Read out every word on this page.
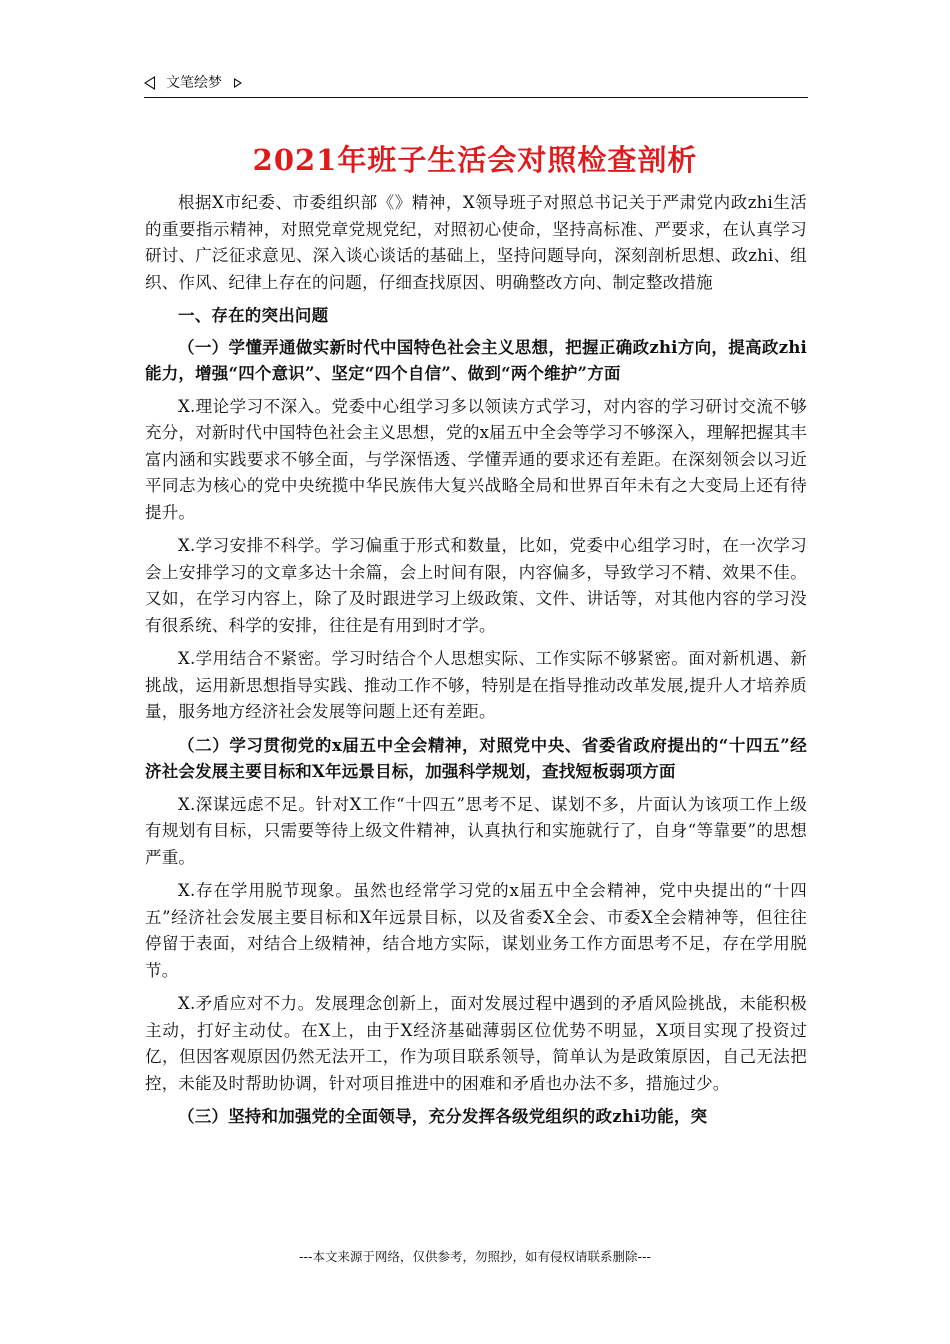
文笔绘梦
2021年班子生活会对照检查剖析

根据X市纪委、市委组织部《》精神，X领导班子对照总书记关于严肃党内政zhi生活的重要指示精神，对照党章党规党纪，对照初心使命，坚持高标准、严要求，在认真学习研讨、广泛征求意见、深入谈心谈话的基础上，坚持问题导向，深刻剖析思想、政zhi、组织、作风、纪律上存在的问题，仔细查找原因、明确整改方向、制定整改措施

一、存在的突出问题

（一）学懂弄通做实新时代中国特色社会主义思想，把握正确政zhi方向，提高政zhi能力，增强“四个意识”、坚定“四个自信”、做到“两个维护”方面

X.理论学习不深入。党委中心组学习多以领读方式学习，对内容的学习研讨交流不够充分，对新时代中国特色社会主义思想，党的x届五中全会等学习不够深入，理解把握其丰富内涵和实践要求不够全面，与学深悟透、学懂弄通的要求还有差距。在深刻领会以习近平同志为核心的党中央统揽中华民族伟大复兴战略全局和世界百年未有之大变局上还有待提升。

X.学习安排不科学。学习偏重于形式和数量，比如，党委中心组学习时，在一次学习会上安排学习的文章多达十余篇，会上时间有限，内容偏多，导致学习不精、效果不佳。又如，在学习内容上，除了及时跟进学习上级政策、文件、讲话等，对其他内容的学习没有很系统、科学的安排，往往是有用到时才学。

X.学用结合不紧密。学习时结合个人思想实际、工作实际不够紧密。面对新机遇、新挑战，运用新思想指导实践、推动工作不够，特别是在指导推动改革发展,提升人才培养质量，服务地方经济社会发展等问题上还有差距。

（二）学习贯彻党的x届五中全会精神，对照党中央、省委省政府提出的“十四五”经济社会发展主要目标和X年远景目标，加强科学规划，查找短板弱项方面

X.深谋远虑不足。针对X工作“十四五”思考不足、谋划不多，片面认为该项工作上级有规划有目标，只需要等待上级文件精神，认真执行和实施就行了，自身“等靠要”的思想严重。

X.存在学用脱节现象。虽然也经常学习党的x届五中全会精神，党中央提出的“十四五”经济社会发展主要目标和X年远景目标，以及省委X全会、市委X全会精神等，但往往停留于表面，对结合上级精神，结合地方实际，谋划业务工作方面思考不足，存在学用脱节。

X.矛盾应对不力。发展理念创新上，面对发展过程中遇到的矛盾风险挑战，未能积极主动，打好主动仗。在X上，由于X经济基础薄弱区位优势不明显，X项目实现了投资过亿，但因客观原因仍然无法开工，作为项目联系领导，简单认为是政策原因，自己无法把控，未能及时帮助协调，针对项目推进中的困难和矛盾也办法不多，措施过少。

（三）坚持和加强党的全面领导，充分发挥各级党组织的政zhi功能，突

---本文来源于网络，仅供参考，勿照抄，如有侵权请联系删除---
